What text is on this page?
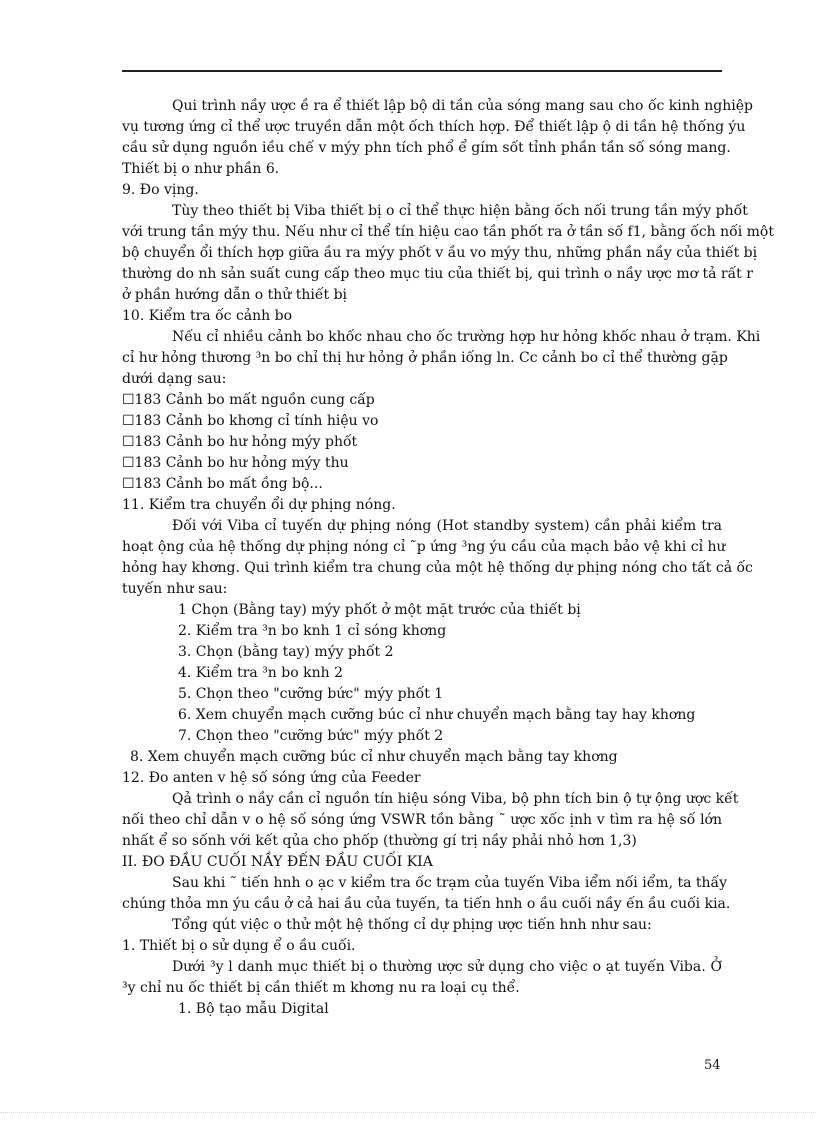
Qui trình nầy ược ề ra ể thiết lập bộ di tần của sóng mang sau cho ốc kinh nghiệp
vụ tương ứng cỉ thể ược truyền dẫn một ốch thích hợp. Để thiết lập ộ di tần hệ thống ýu
cầu sử dụng nguồn iều chế v mýy phn tích phổ ể gím sốt tỉnh phần tần số sóng mang.
Thiết bị o như phần 6.
9. Đo vịng.
Tùy theo thiết bị Viba thiết bị o cỉ thể thực hiện bằng ốch nối trung tần mýy phốt
với trung tần mýy thu. Nếu như cỉ thể tín hiệu cao tần phốt ra ở tần số f1, bằng ốch nối một
bộ chuyển ổi thích hợp giữa ầu ra mýy phốt v ầu vo mýy thu, những phần nầy của thiết bị
thường do nh sản suất cung cấp theo mục tiu của thiết bị, qui trình o nầy ược mơ tả rất r
ở phần hướng dẫn o thử thiết bị
10. Kiểm tra ốc cảnh bo
Nếu cỉ nhiều cảnh bo khốc nhau cho ốc trường hợp hư hỏng khốc nhau ở trạm. Khi
cỉ hư hỏng thương ³n bo chỉ thị hư hỏng ở phần iống ln. Cc cảnh bo cỉ thể thường gặp
dưới dạng sau:
☐183 Cảnh bo mất nguồn cung cấp
☐183 Cảnh bo khơng cỉ tính hiệu vo
☐183 Cảnh bo hư hỏng mýy phốt
☐183 Cảnh bo hư hỏng mýy thu
☐183 Cảnh bo mất ồng bộ...
11. Kiểm tra chuyển ổi dự phịng nóng.
Đối với Viba cỉ tuyến dự phịng nóng (Hot standby system) cần phải kiểm tra
hoạt ộng của hệ thống dự phịng nóng cỉ ˜p ứng ³ng ýu cầu của mạch bảo vệ khi cỉ hư
hỏng hay khơng. Qui trình kiểm tra chung của một hệ thống dự phịng nóng cho tất cả ốc
tuyến như sau:
1 Chọn (Bằng tay) mýy phốt ở một mặt trước của thiết bị
2. Kiểm tra ³n bo knh 1 cỉ sóng khơng
3. Chọn (bằng tay) mýy phốt 2
4. Kiểm tra ³n bo knh 2
5. Chọn theo "cưỡng bức" mýy phốt 1
6. Xem chuyển mạch cưỡng búc cỉ như chuyển mạch bằng tay hay khơng
7. Chọn theo "cưỡng bức" mýy phốt 2
8. Xem chuyển mạch cưỡng búc cỉ như chuyển mạch bằng tay khơng
12. Đo anten v hệ số sóng ứng của Feeder
Qả trình o nầy cần cỉ nguồn tín hiệu sóng Viba, bộ phn tích bin ộ tự ộng ược kết
nối theo chỉ dẫn v o hệ số sóng ứng VSWR tồn bằng ˜ ược xốc ịnh v tìm ra hệ số lớn
nhất ể so sốnh với kết qủa cho phốp (thường gí trị nầy phải nhỏ hơn 1,3)
II. ĐO ĐẦU CUỐI NẦY ĐẾN ĐẦU CUỐI KIA
Sau khi ˜ tiến hnh o ạc v kiểm tra ốc trạm của tuyến Viba iểm nối iểm, ta thấy
chúng thỏa mn ýu cầu ở cả hai ầu của tuyến, ta tiến hnh o ầu cuối nầy ến ầu cuối kia.
Tổng qút việc o thử một hệ thống cỉ dự phịng ược tiến hnh như sau:
1. Thiết bị o sử dụng ể o ầu cuối.
Dưới ³y l danh mục thiết bị o thường ược sử dụng cho việc o ạt tuyến Viba. Ở
³y chỉ nu ốc thiết bị cần thiết m khơng nu ra loại cụ thể.
1. Bộ tạo mẫu Digital
54
